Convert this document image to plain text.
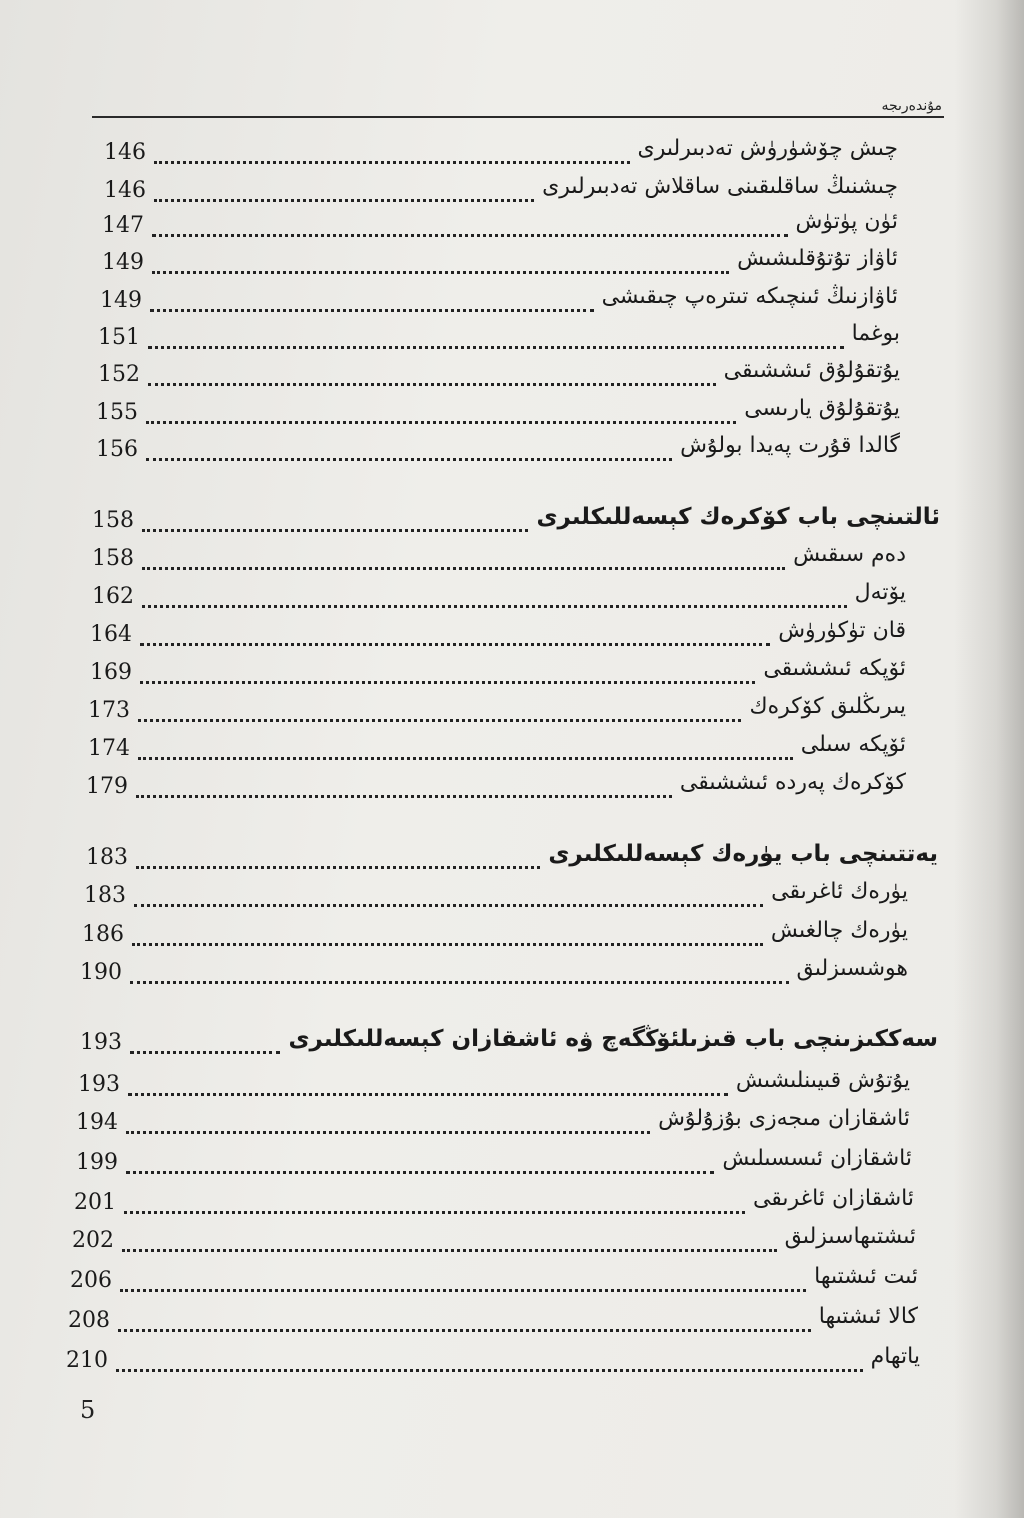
مۇندەرىجە
146	چىش چۆشۈرۈش تەدبىرلىرى
146	چىشنىڭ ساقلىقىنى ساقلاش تەدبىرلىرى
147	ئۈن پۈتۈش
149	ئاۋاز تۇتۇقلىشىش
149	ئاۋازنىڭ ئىنچىكە تىترەپ چىقىشى
151	بوغما
152	يۇتقۇلۇق ئىششىقى
155	يۇتقۇلۇق يارىسى
156	گالدا قۇرت پەيدا بولۇش
158	ئالتىنچى باب كۆكرەك كېسەللىكلىرى
158	دەم سىقىش
162	يۆتەل
164	قان تۈكۈرۈش
169	ئۆپكە ئىششىقى
173	يىرىڭلىق كۆكرەك
174	ئۆپكە سىلى
179	كۆكرەك پەردە ئىششىقى
183	يەتتىنچى باب يۈرەك كېسەللىكلىرى
183	يۈرەك ئاغرىقى
186	يۈرەك چالغىش
190	هوشسىزلىق
193	سەككىزىنچى باب قىزىلئۆڭگەچ ۋە ئاشقازان كېسەللىكلىرى
193	يۇتۇش قىيىنلىشىش
194	ئاشقازان مىجەزى بۇزۇلۇش
199	ئاشقازان ئىسسىلىش
201	ئاشقازان ئاغرىقى
202	ئىشتىهاسىزلىق
206	ئىت ئىشتىها
208	كالا ئىشتىها
210	ياتهام
5
